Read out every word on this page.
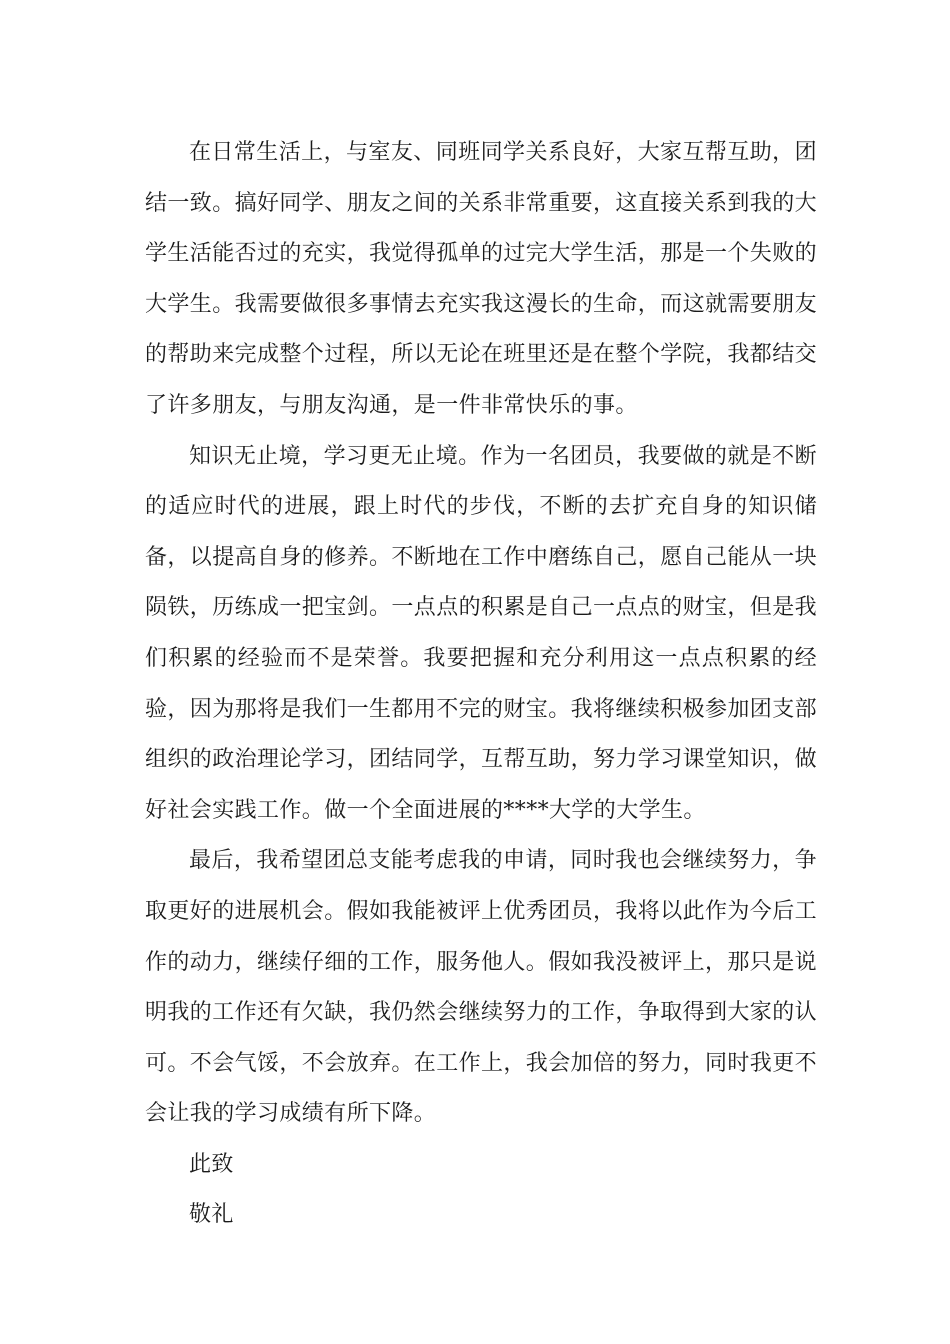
在日常生活上，与室友、同班同学关系良好，大家互帮互助，团结一致。搞好同学、朋友之间的关系非常重要，这直接关系到我的大学生活能否过的充实，我觉得孤单的过完大学生活，那是一个失败的大学生。我需要做很多事情去充实我这漫长的生命，而这就需要朋友的帮助来完成整个过程，所以无论在班里还是在整个学院，我都结交了许多朋友，与朋友沟通，是一件非常快乐的事。

知识无止境，学习更无止境。作为一名团员，我要做的就是不断的适应时代的进展，跟上时代的步伐，不断的去扩充自身的知识储备，以提高自身的修养。不断地在工作中磨练自己，愿自己能从一块陨铁，历练成一把宝剑。一点点的积累是自己一点点的财宝，但是我们积累的经验而不是荣誉。我要把握和充分利用这一点点积累的经验，因为那将是我们一生都用不完的财宝。我将继续积极参加团支部组织的政治理论学习，团结同学，互帮互助，努力学习课堂知识，做好社会实践工作。做一个全面进展的****大学的大学生。

最后，我希望团总支能考虑我的申请，同时我也会继续努力，争取更好的进展机会。假如我能被评上优秀团员，我将以此作为今后工作的动力，继续仔细的工作，服务他人。假如我没被评上，那只是说明我的工作还有欠缺，我仍然会继续努力的工作，争取得到大家的认可。不会气馁，不会放弃。在工作上，我会加倍的努力，同时我更不会让我的学习成绩有所下降。

此致

敬礼
